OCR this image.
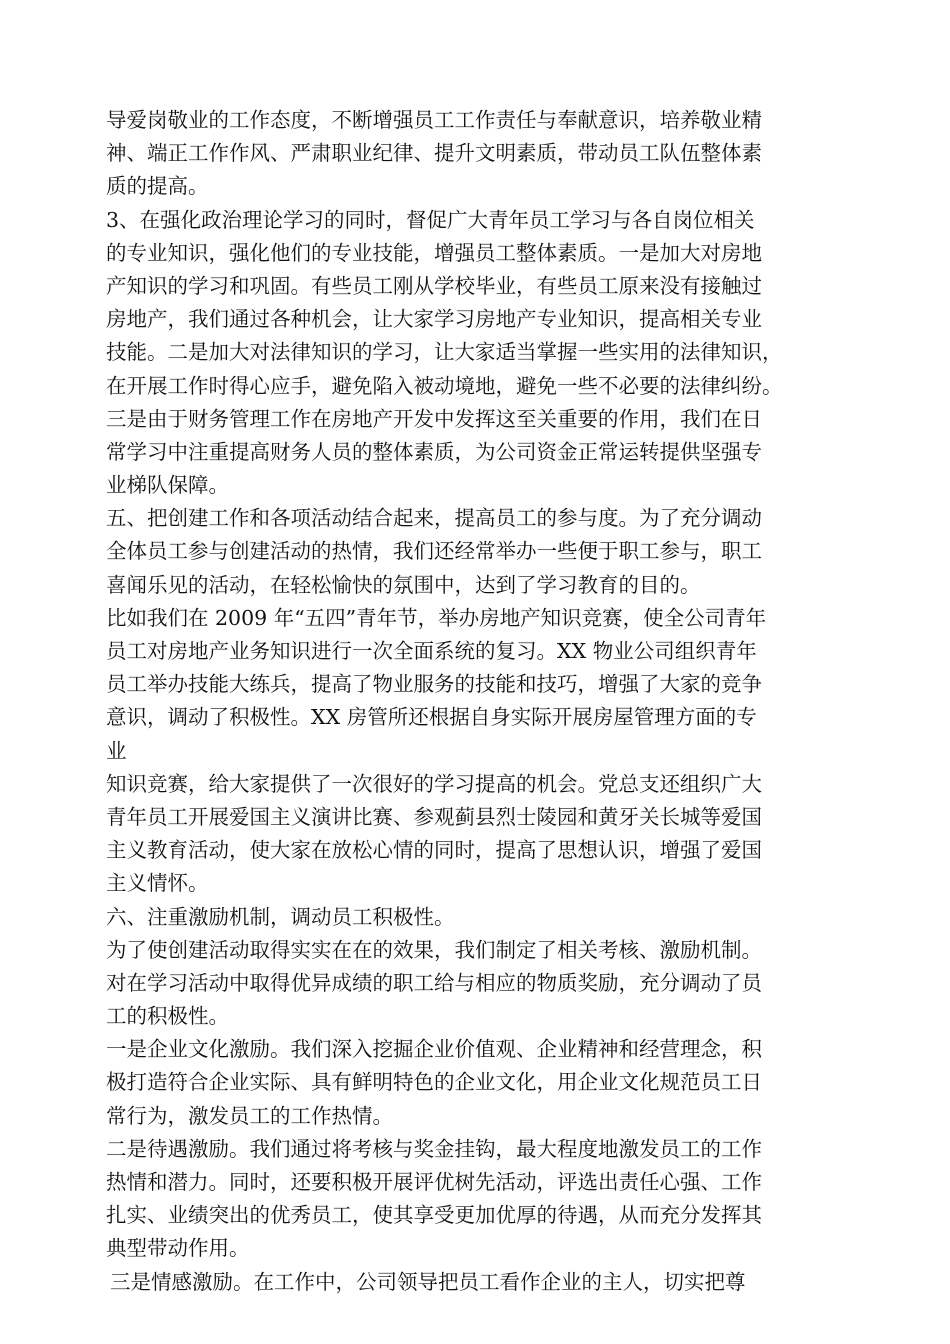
导爱岗敬业的工作态度，不断增强员工工作责任与奉献意识，培养敬业精
神、端正工作作风、严肃职业纪律、提升文明素质，带动员工队伍整体素
质的提高。
3、在强化政治理论学习的同时，督促广大青年员工学习与各自岗位相关
的专业知识，强化他们的专业技能，增强员工整体素质。一是加大对房地
产知识的学习和巩固。有些员工刚从学校毕业，有些员工原来没有接触过
房地产，我们通过各种机会，让大家学习房地产专业知识，提高相关专业
技能。二是加大对法律知识的学习，让大家适当掌握一些实用的法律知识，
在开展工作时得心应手，避免陷入被动境地，避免一些不必要的法律纠纷。
三是由于财务管理工作在房地产开发中发挥这至关重要的作用，我们在日
常学习中注重提高财务人员的整体素质，为公司资金正常运转提供坚强专
业梯队保障。
五、把创建工作和各项活动结合起来，提高员工的参与度。为了充分调动
全体员工参与创建活动的热情，我们还经常举办一些便于职工参与，职工
喜闻乐见的活动，在轻松愉快的氛围中，达到了学习教育的目的。
比如我们在 2009 年“五四”青年节，举办房地产知识竞赛，使全公司青年
员工对房地产业务知识进行一次全面系统的复习。XX 物业公司组织青年
员工举办技能大练兵，提高了物业服务的技能和技巧，增强了大家的竞争
意识，调动了积极性。XX 房管所还根据自身实际开展房屋管理方面的专
业
知识竞赛，给大家提供了一次很好的学习提高的机会。党总支还组织广大
青年员工开展爱国主义演讲比赛、参观蓟县烈士陵园和黄牙关长城等爱国
主义教育活动，使大家在放松心情的同时，提高了思想认识，增强了爱国
主义情怀。
六、注重激励机制，调动员工积极性。
为了使创建活动取得实实在在的效果，我们制定了相关考核、激励机制。
对在学习活动中取得优异成绩的职工给与相应的物质奖励，充分调动了员
工的积极性。
一是企业文化激励。我们深入挖掘企业价值观、企业精神和经营理念，积
极打造符合企业实际、具有鲜明特色的企业文化，用企业文化规范员工日
常行为，激发员工的工作热情。
二是待遇激励。我们通过将考核与奖金挂钩，最大程度地激发员工的工作
热情和潜力。同时，还要积极开展评优树先活动，评选出责任心强、工作
扎实、业绩突出的优秀员工，使其享受更加优厚的待遇，从而充分发挥其
典型带动作用。
三是情感激励。在工作中，公司领导把员工看作企业的主人，切实把尊
